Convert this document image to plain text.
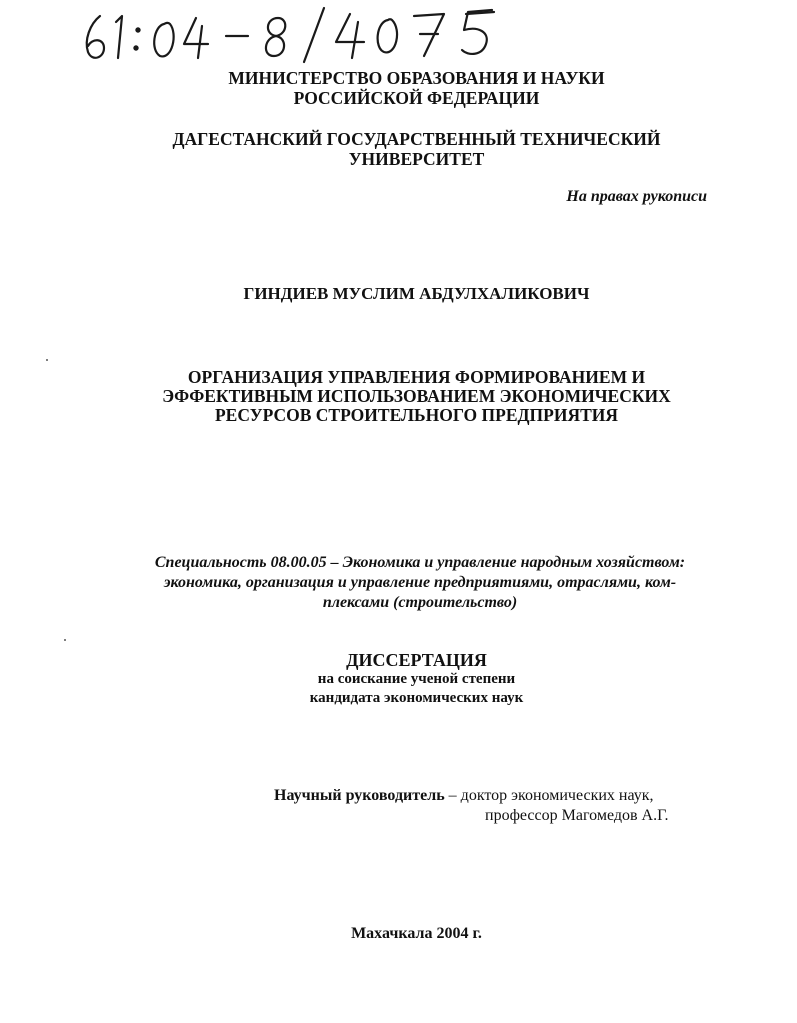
МИНИСТЕРСТВО ОБРАЗОВАНИЯ И НАУКИ
РОССИЙСКОЙ ФЕДЕРАЦИИ
ДАГЕСТАНСКИЙ ГОСУДАРСТВЕННЫЙ ТЕХНИЧЕСКИЙ
УНИВЕРСИТЕТ
На правах рукописи
ГИНДИЕВ МУСЛИМ АБДУЛХАЛИКОВИЧ
ОРГАНИЗАЦИЯ УПРАВЛЕНИЯ ФОРМИРОВАНИЕМ И
ЭФФЕКТИВНЫМ ИСПОЛЬЗОВАНИЕМ ЭКОНОМИЧЕСКИХ
РЕСУРСОВ СТРОИТЕЛЬНОГО ПРЕДПРИЯТИЯ
Специальность 08.00.05 – Экономика и управление народным хозяйством:
экономика, организация и управление предприятиями, отраслями, ком-
плексами (строительство)
ДИССЕРТАЦИЯ
на соискание ученой степени
кандидата экономических наук
Научный руководитель – доктор экономических наук,
профессор Магомедов А.Г.
Махачкала 2004 г.
